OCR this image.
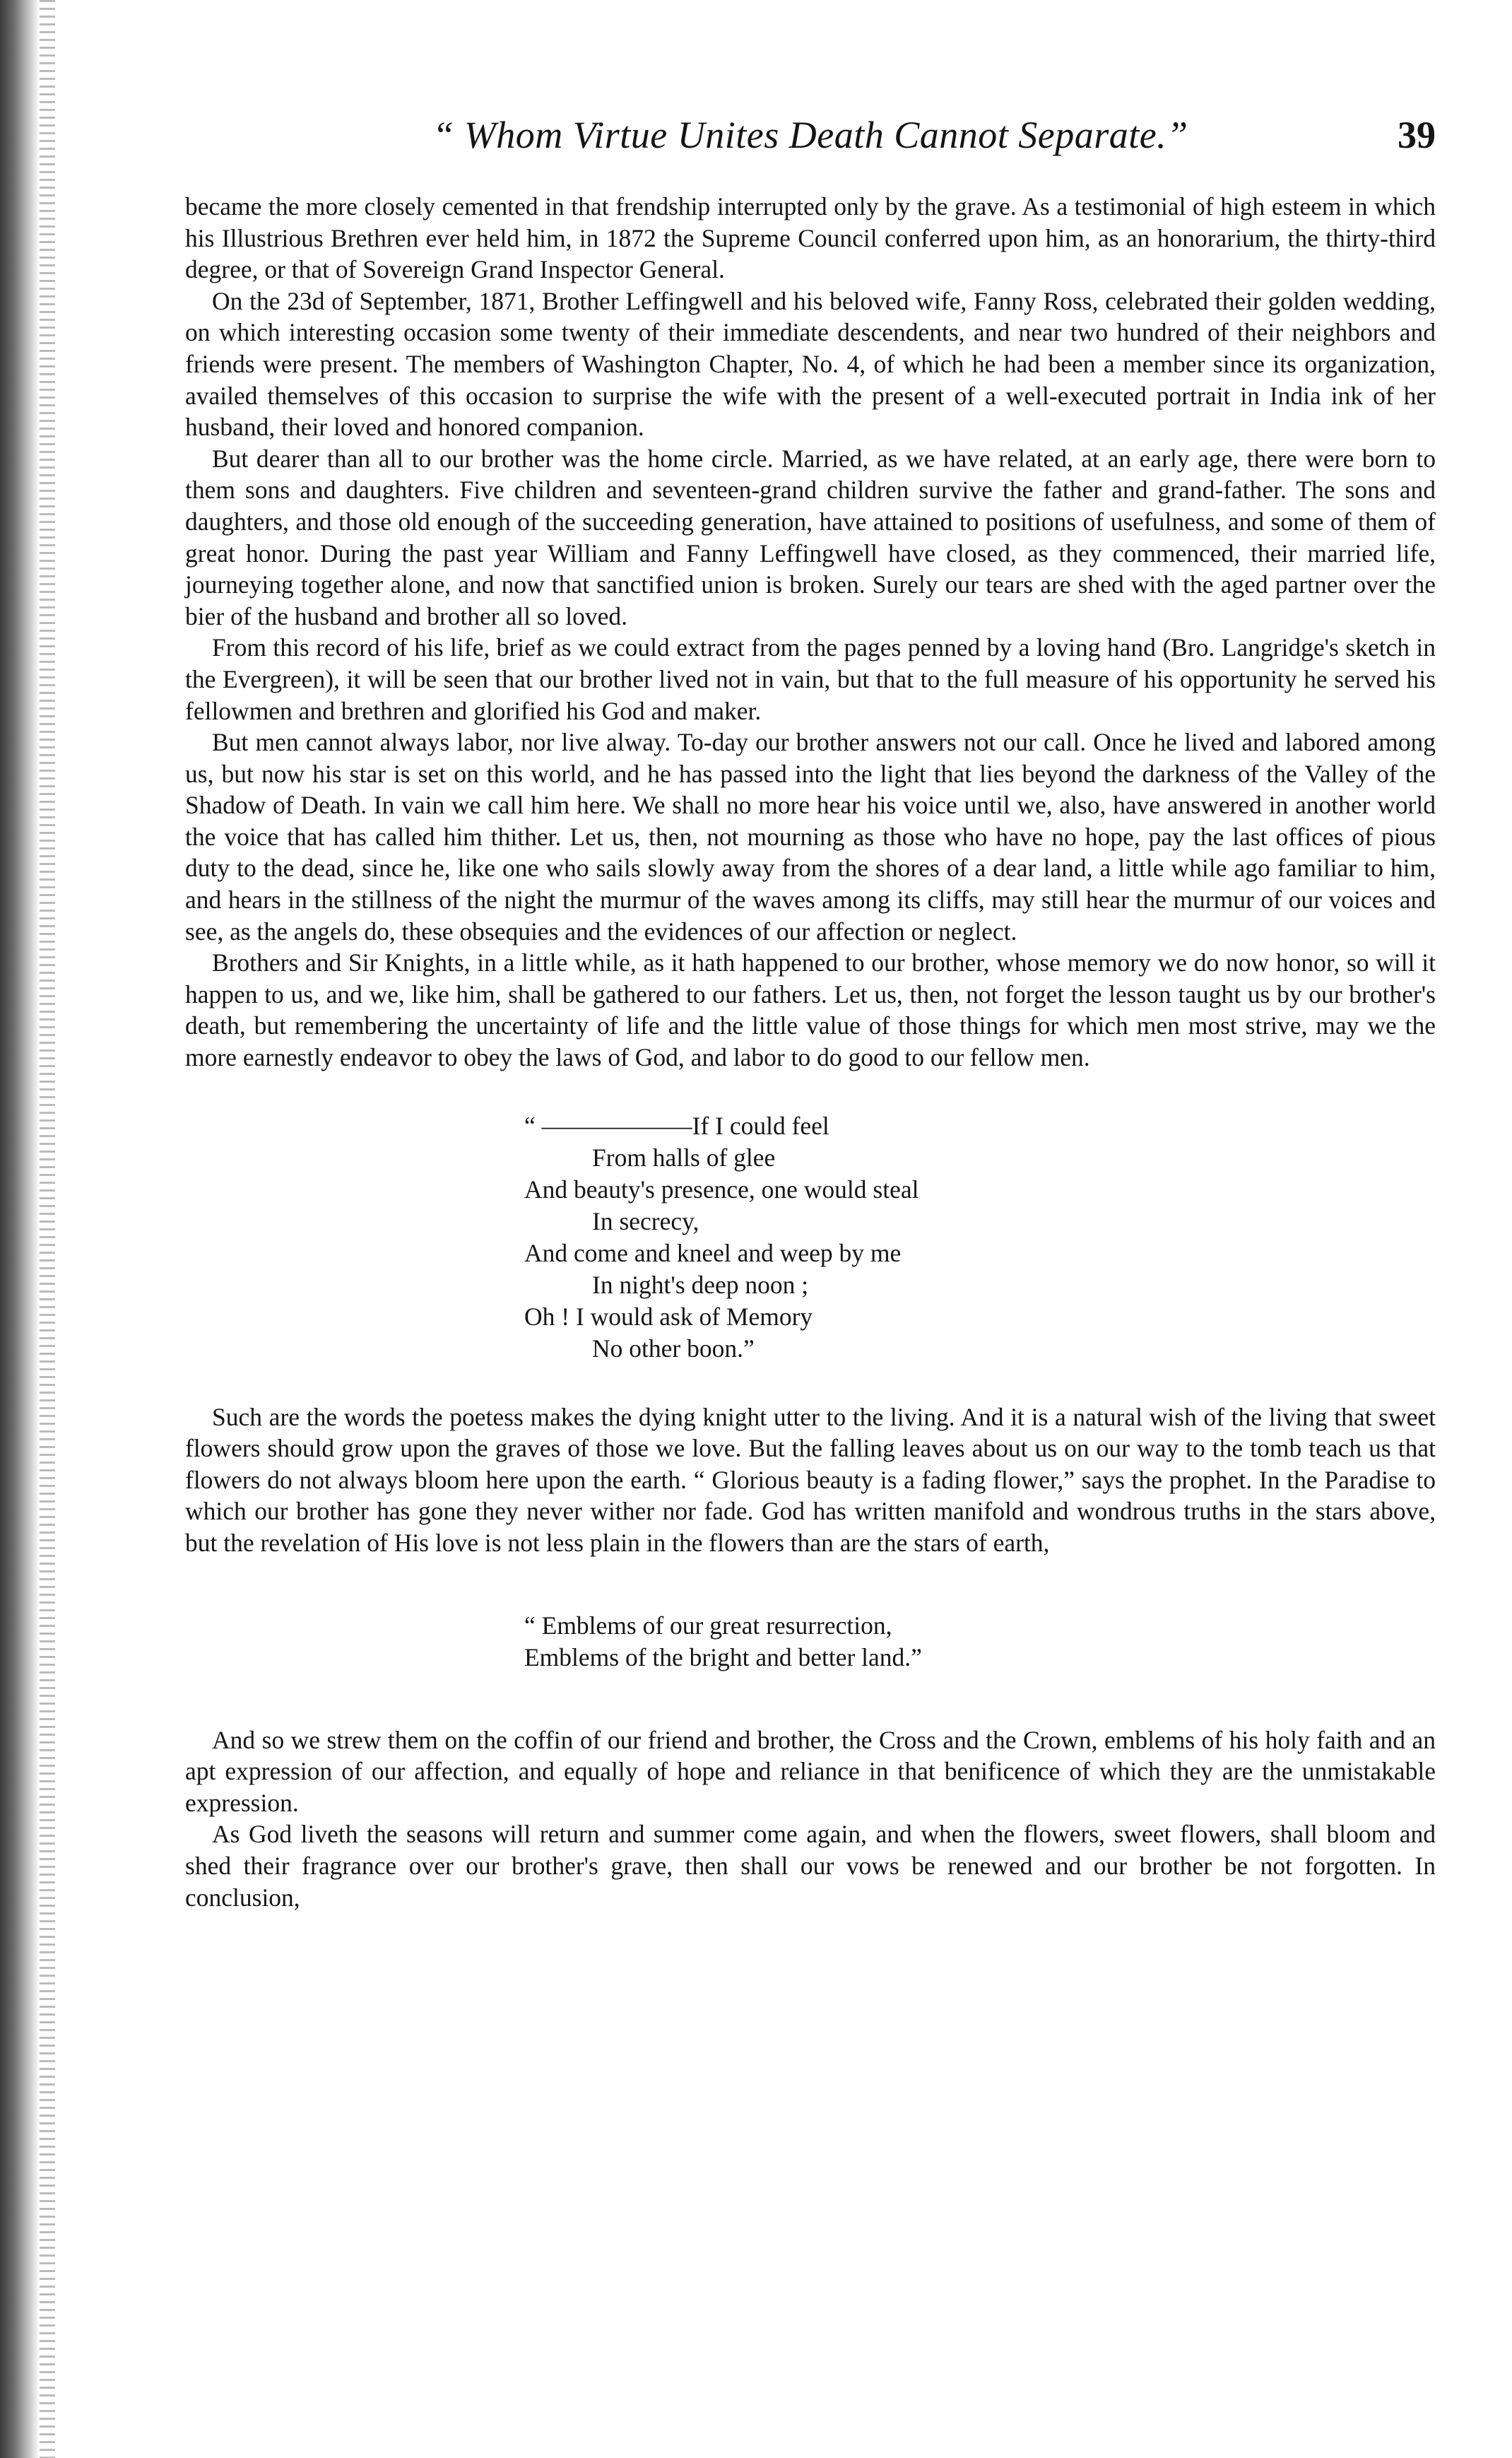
“ Whom Virtue Unites Death Cannot Separate.”	39

became the more closely cemented in that frendship interrupted only by the grave. As a testimonial of high esteem in which his Illustrious Brethren ever held him, in 1872 the Supreme Council conferred upon him, as an honorarium, the thirty-third degree, or that of Sovereign Grand Inspector General.

On the 23d of September, 1871, Brother Leffingwell and his beloved wife, Fanny Ross, celebrated their golden wedding, on which interesting occasion some twenty of their immediate descendents, and near two hundred of their neighbors and friends were present. The members of Washington Chapter, No. 4, of which he had been a member since its organization, availed themselves of this occasion to surprise the wife with the present of a well-executed portrait in India ink of her husband, their loved and honored companion.

But dearer than all to our brother was the home circle. Married, as we have related, at an early age, there were born to them sons and daughters. Five children and seventeen-grand children survive the father and grand-father. The sons and daughters, and those old enough of the succeeding generation, have attained to positions of usefulness, and some of them of great honor. During the past year William and Fanny Leffingwell have closed, as they commenced, their married life, journeying together alone, and now that sanctified union is broken. Surely our tears are shed with the aged partner over the bier of the husband and brother all so loved.

From this record of his life, brief as we could extract from the pages penned by a loving hand (Bro. Langridge's sketch in the Evergreen), it will be seen that our brother lived not in vain, but that to the full measure of his opportunity he served his fellowmen and brethren and glorified his God and maker.

But men cannot always labor, nor live alway. To-day our brother answers not our call. Once he lived and labored among us, but now his star is set on this world, and he has passed into the light that lies beyond the darkness of the Valley of the Shadow of Death. In vain we call him here. We shall no more hear his voice until we, also, have answered in another world the voice that has called him thither. Let us, then, not mourning as those who have no hope, pay the last offices of pious duty to the dead, since he, like one who sails slowly away from the shores of a dear land, a little while ago familiar to him, and hears in the stillness of the night the murmur of the waves among its cliffs, may still hear the murmur of our voices and see, as the angels do, these obsequies and the evidences of our affection or neglect.

Brothers and Sir Knights, in a little while, as it hath happened to our brother, whose memory we do now honor, so will it happen to us, and we, like him, shall be gathered to our fathers. Let us, then, not forget the lesson taught us by our brother's death, but remembering the uncertainty of life and the little value of those things for which men most strive, may we the more earnestly endeavor to obey the laws of God, and labor to do good to our fellow men.

“ ——————If I could feel
From halls of glee
And beauty's presence, one would steal
In secrecy,
And come and kneel and weep by me
In night's deep noon ;
Oh ! I would ask of Memory
No other boon.”

Such are the words the poetess makes the dying knight utter to the living. And it is a natural wish of the living that sweet flowers should grow upon the graves of those we love. But the falling leaves about us on our way to the tomb teach us that flowers do not always bloom here upon the earth. “ Glorious beauty is a fading flower,” says the prophet. In the Paradise to which our brother has gone they never wither nor fade. God has written manifold and wondrous truths in the stars above, but the revelation of His love is not less plain in the flowers than are the stars of earth,

“ Emblems of our great resurrection,
Emblems of the bright and better land.”

And so we strew them on the coffin of our friend and brother, the Cross and the Crown, emblems of his holy faith and an apt expression of our affection, and equally of hope and reliance in that benificence of which they are the unmistakable expression.

As God liveth the seasons will return and summer come again, and when the flowers, sweet flowers, shall bloom and shed their fragrance over our brother's grave, then shall our vows be renewed and our brother be not forgotten. In conclusion,
